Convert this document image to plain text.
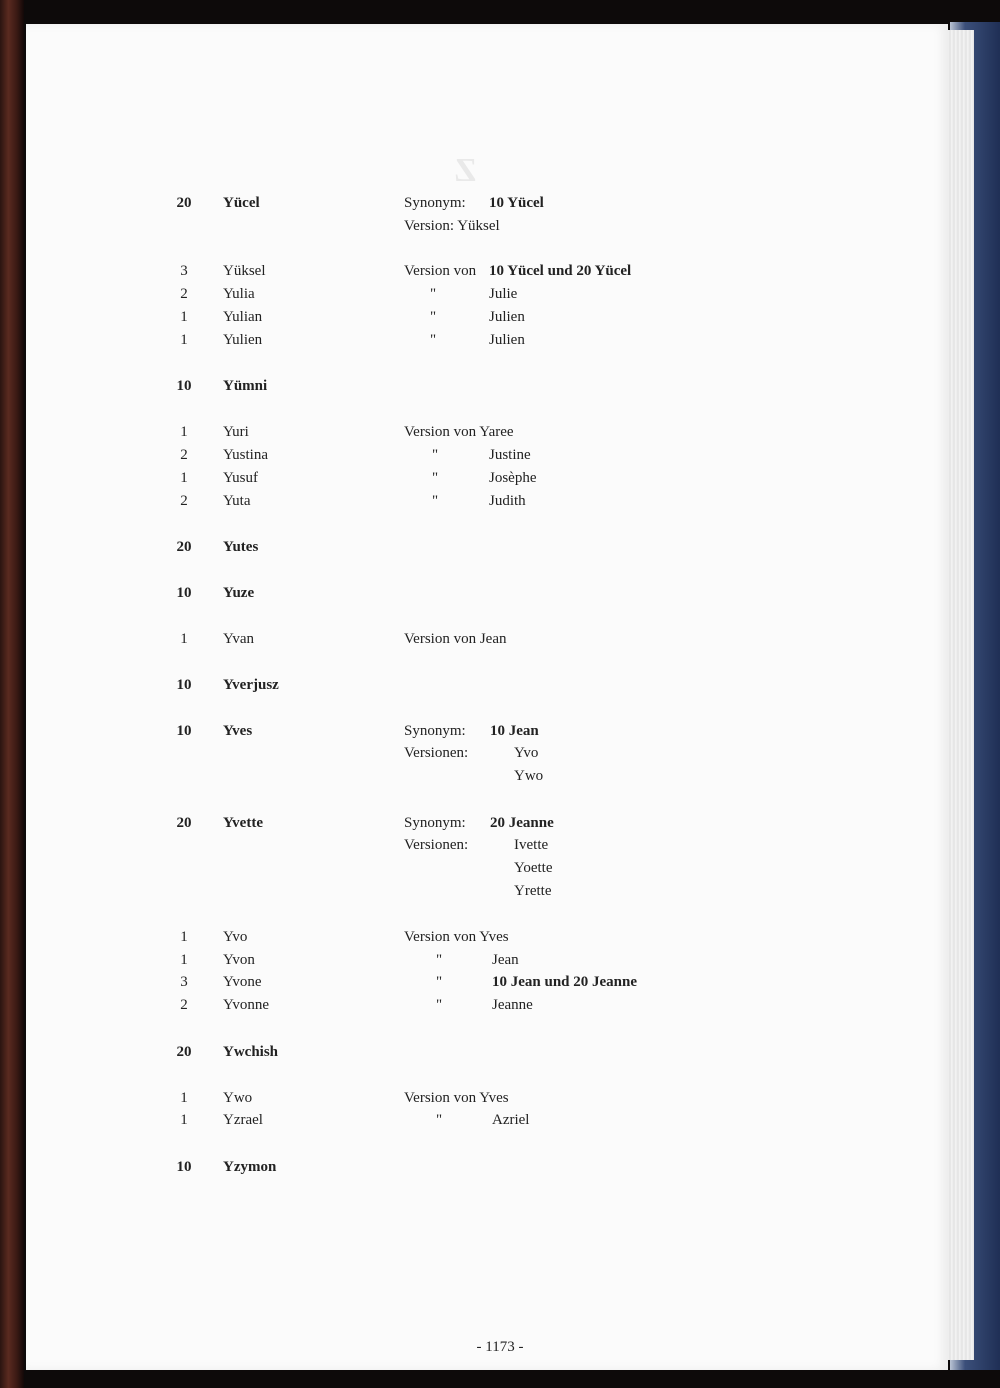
Z
20	Yücel	Synonym: 10 Yücel
Version: Yüksel
3	Yüksel	Version von 10 Yücel und 20 Yücel
2	Yulia	"	Julie
1	Yulian	"	Julien
1	Yulien	"	Julien
10	Yümni
1	Yuri	Version von Yaree
2	Yustina	"	Justine
1	Yusuf	"	Josèphe
2	Yuta	"	Judith
20	Yutes
10	Yuze
1	Yvan	Version von Jean
10	Yverjusz
10	Yves	Synonym: 10 Jean
Versionen:	Yvo
Ywo
20	Yvette	Synonym: 20 Jeanne
Versionen:	Ivette
Yoette
Yrette
1	Yvo	Version von Yves
1	Yvon	"	Jean
3	Yvone	"	10 Jean und 20 Jeanne
2	Yvonne	"	Jeanne
20	Ywchish
1	Ywo	Version von Yves
1	Yzrael	"	Azriel
10	Yzymon
- 1173 -
